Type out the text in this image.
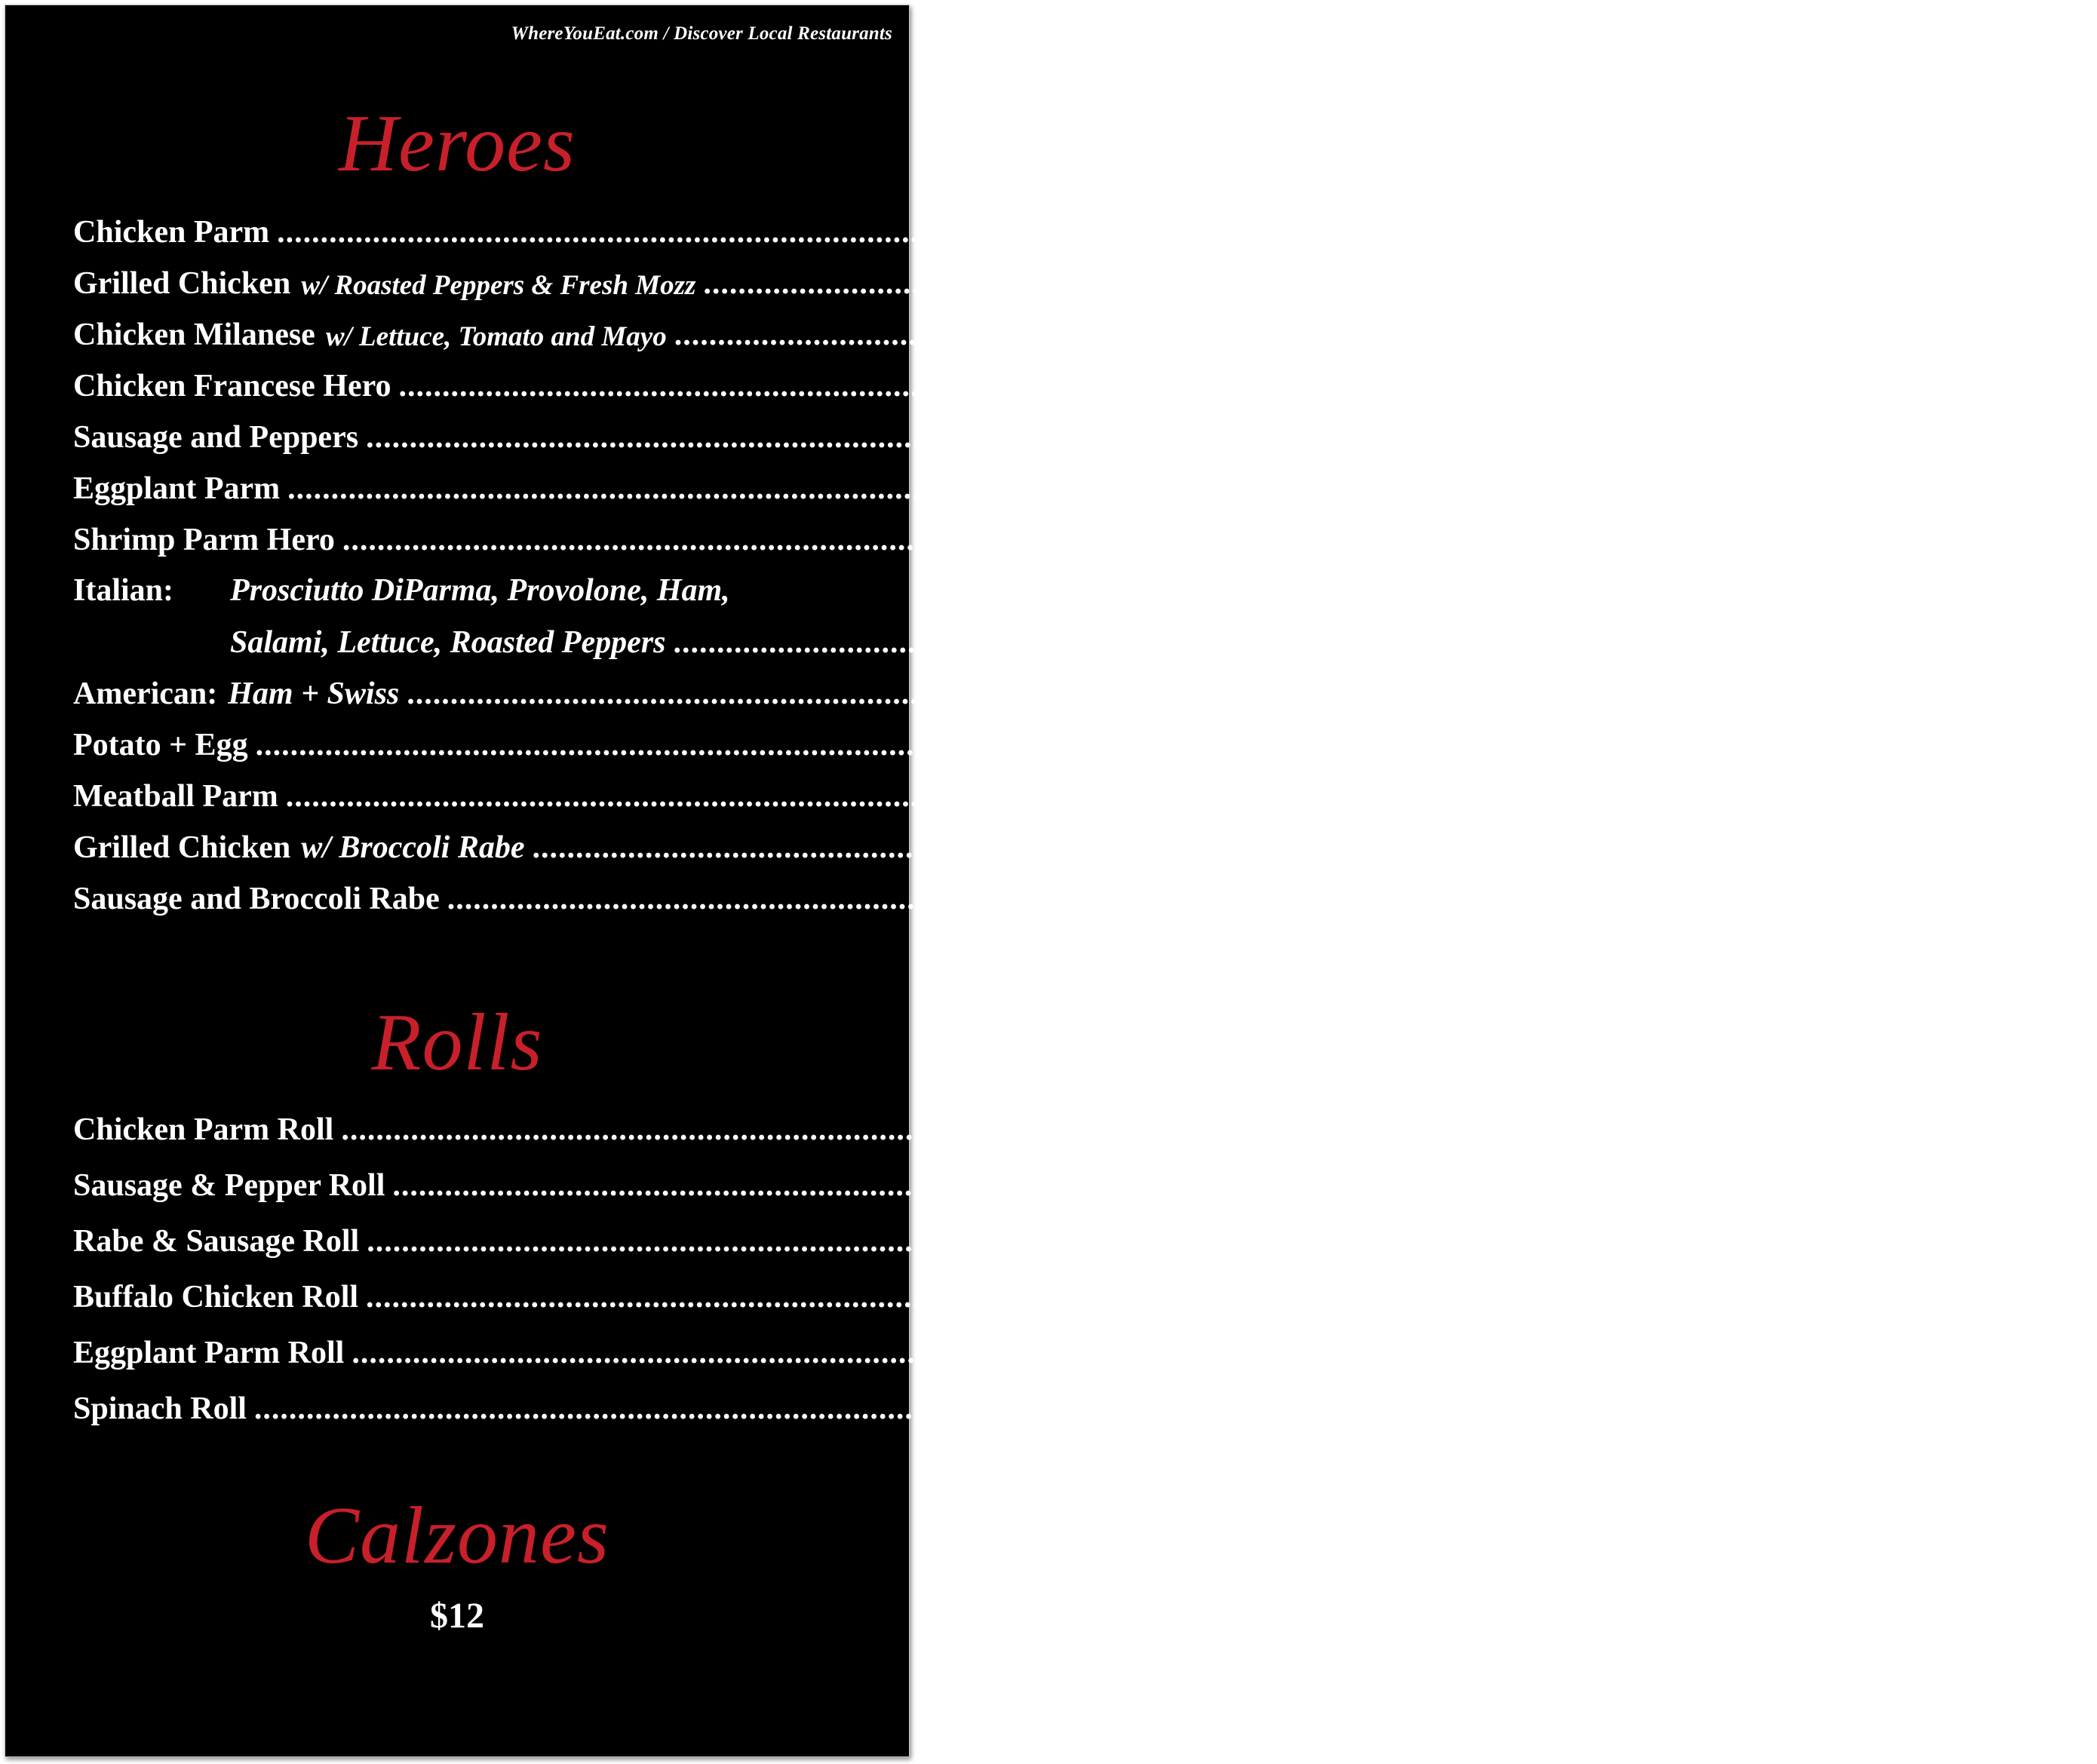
WhereYouEat.com / Discover Local Restaurants
Heroes
Chicken Parm .......................................................................................................................................................... $14
Grilled Chicken w/ Roasted Peppers & Fresh Mozz .......................................................................................................................................................... $14
Chicken Milanese w/ Lettuce, Tomato and Mayo .......................................................................................................................................................... $13
Chicken Francese Hero .......................................................................................................................................................... $19
Sausage and Peppers .......................................................................................................................................................... $13
Eggplant Parm .......................................................................................................................................................... $12
Shrimp Parm Hero .......................................................................................................................................................... $15
Italian: Prosciutto DiParma, Provolone, Ham,
Salami, Lettuce, Roasted Peppers .......................................................................................................................................................... $15
American: Ham + Swiss .......................................................................................................................................................... $15
Potato + Egg .......................................................................................................................................................... $11
Meatball Parm .......................................................................................................................................................... $11
Grilled Chicken w/ Broccoli Rabe .......................................................................................................................................................... $18
Sausage and Broccoli Rabe .......................................................................................................................................................... $18
Rolls
Chicken Parm Roll .......................................................................................................................................................... $12
Sausage & Pepper Roll .......................................................................................................................................................... $12
Rabe & Sausage Roll .......................................................................................................................................................... $14
Buffalo Chicken Roll .......................................................................................................................................................... $13
Eggplant Parm Roll .......................................................................................................................................................... $11
Spinach Roll .......................................................................................................................................................... $11
Calzones
$12
